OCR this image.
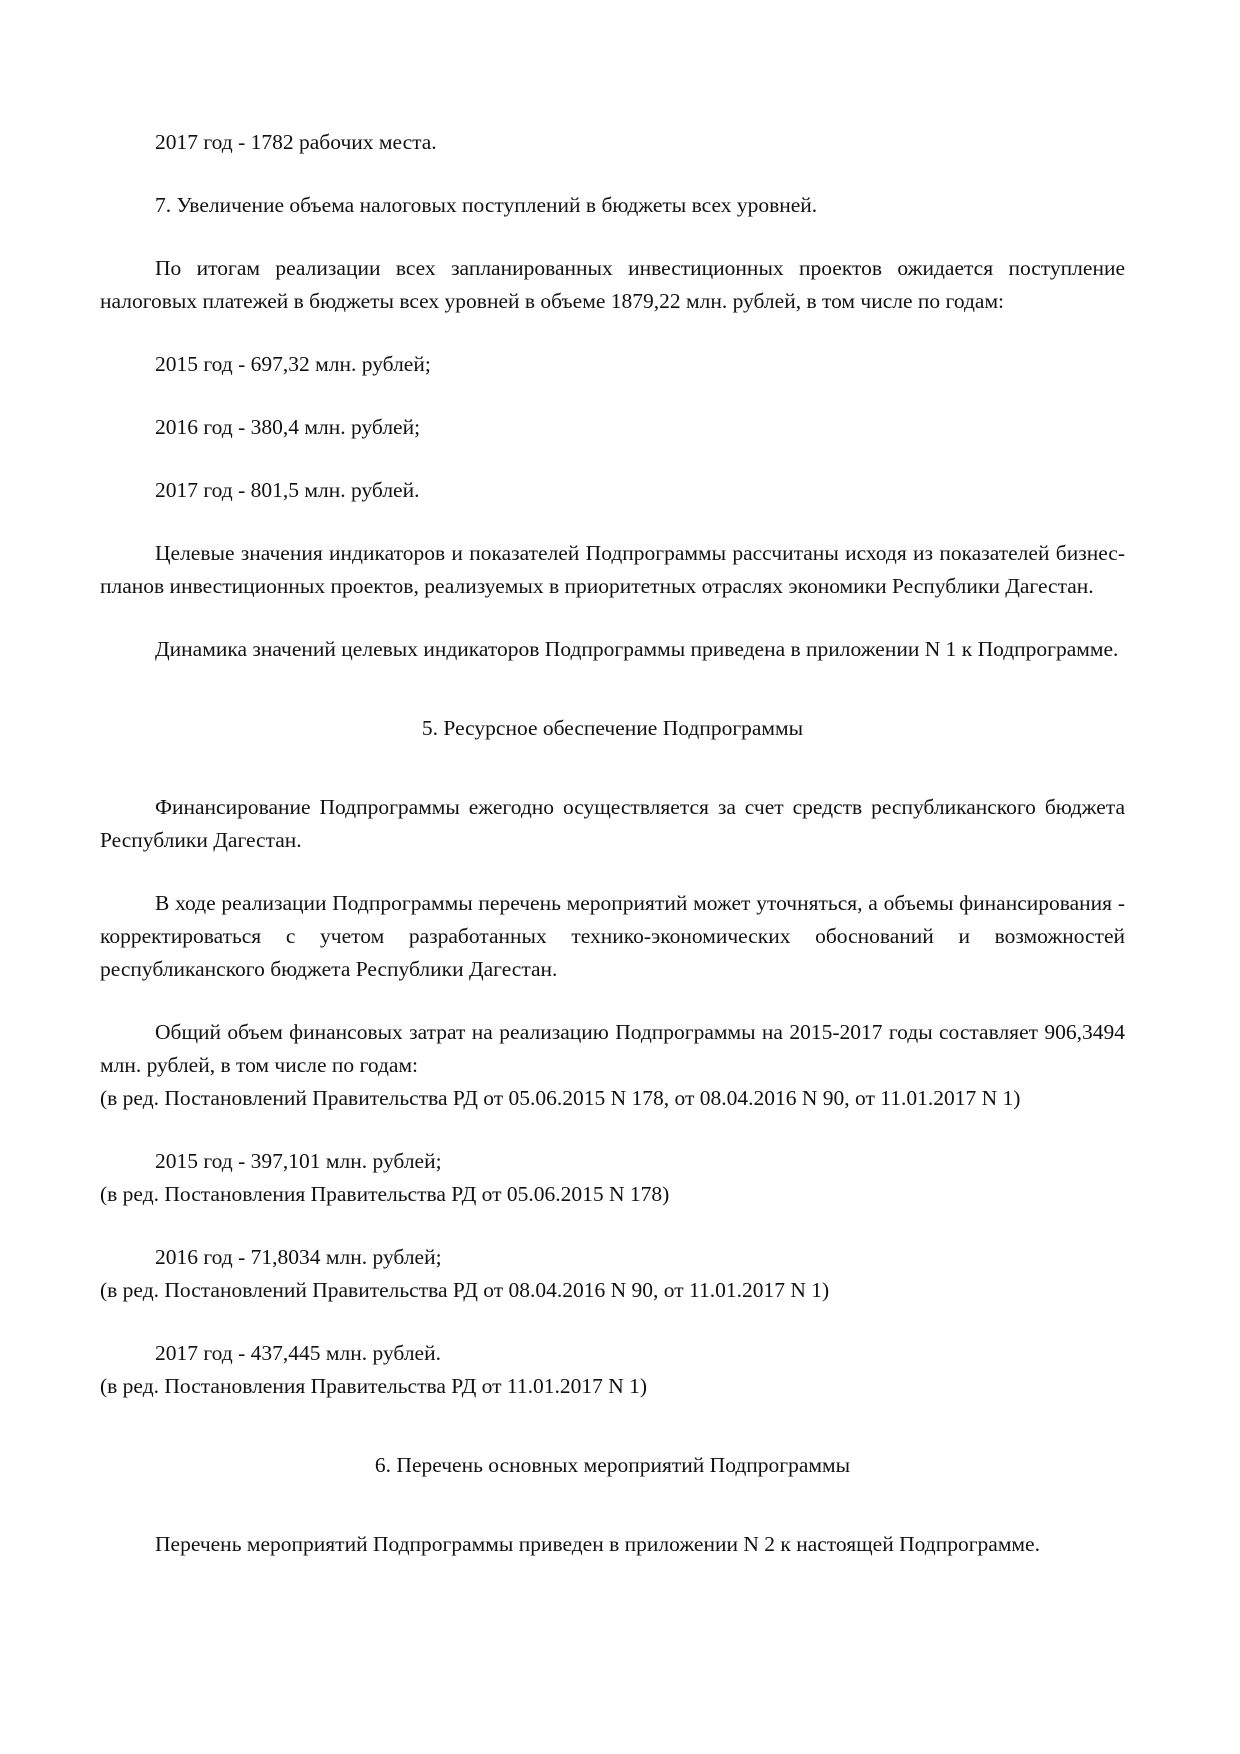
2017 год - 1782 рабочих места.

7. Увеличение объема налоговых поступлений в бюджеты всех уровней.

По итогам реализации всех запланированных инвестиционных проектов ожидается поступление налоговых платежей в бюджеты всех уровней в объеме 1879,22 млн. рублей, в том числе по годам:

2015 год - 697,32 млн. рублей;

2016 год - 380,4 млн. рублей;

2017 год - 801,5 млн. рублей.

Целевые значения индикаторов и показателей Подпрограммы рассчитаны исходя из показателей бизнес-планов инвестиционных проектов, реализуемых в приоритетных отраслях экономики Республики Дагестан.

Динамика значений целевых индикаторов Подпрограммы приведена в приложении N 1 к Подпрограмме.

5. Ресурсное обеспечение Подпрограммы

Финансирование Подпрограммы ежегодно осуществляется за счет средств республиканского бюджета Республики Дагестан.

В ходе реализации Подпрограммы перечень мероприятий может уточняться, а объемы финансирования - корректироваться с учетом разработанных технико-экономических обоснований и возможностей республиканского бюджета Республики Дагестан.

Общий объем финансовых затрат на реализацию Подпрограммы на 2015-2017 годы составляет 906,3494 млн. рублей, в том числе по годам:

(в ред. Постановлений Правительства РД от 05.06.2015 N 178, от 08.04.2016 N 90, от 11.01.2017 N 1)

2015 год - 397,101 млн. рублей;

(в ред. Постановления Правительства РД от 05.06.2015 N 178)

2016 год - 71,8034 млн. рублей;

(в ред. Постановлений Правительства РД от 08.04.2016 N 90, от 11.01.2017 N 1)

2017 год - 437,445 млн. рублей.

(в ред. Постановления Правительства РД от 11.01.2017 N 1)

6. Перечень основных мероприятий Подпрограммы

Перечень мероприятий Подпрограммы приведен в приложении N 2 к настоящей Подпрограмме.
